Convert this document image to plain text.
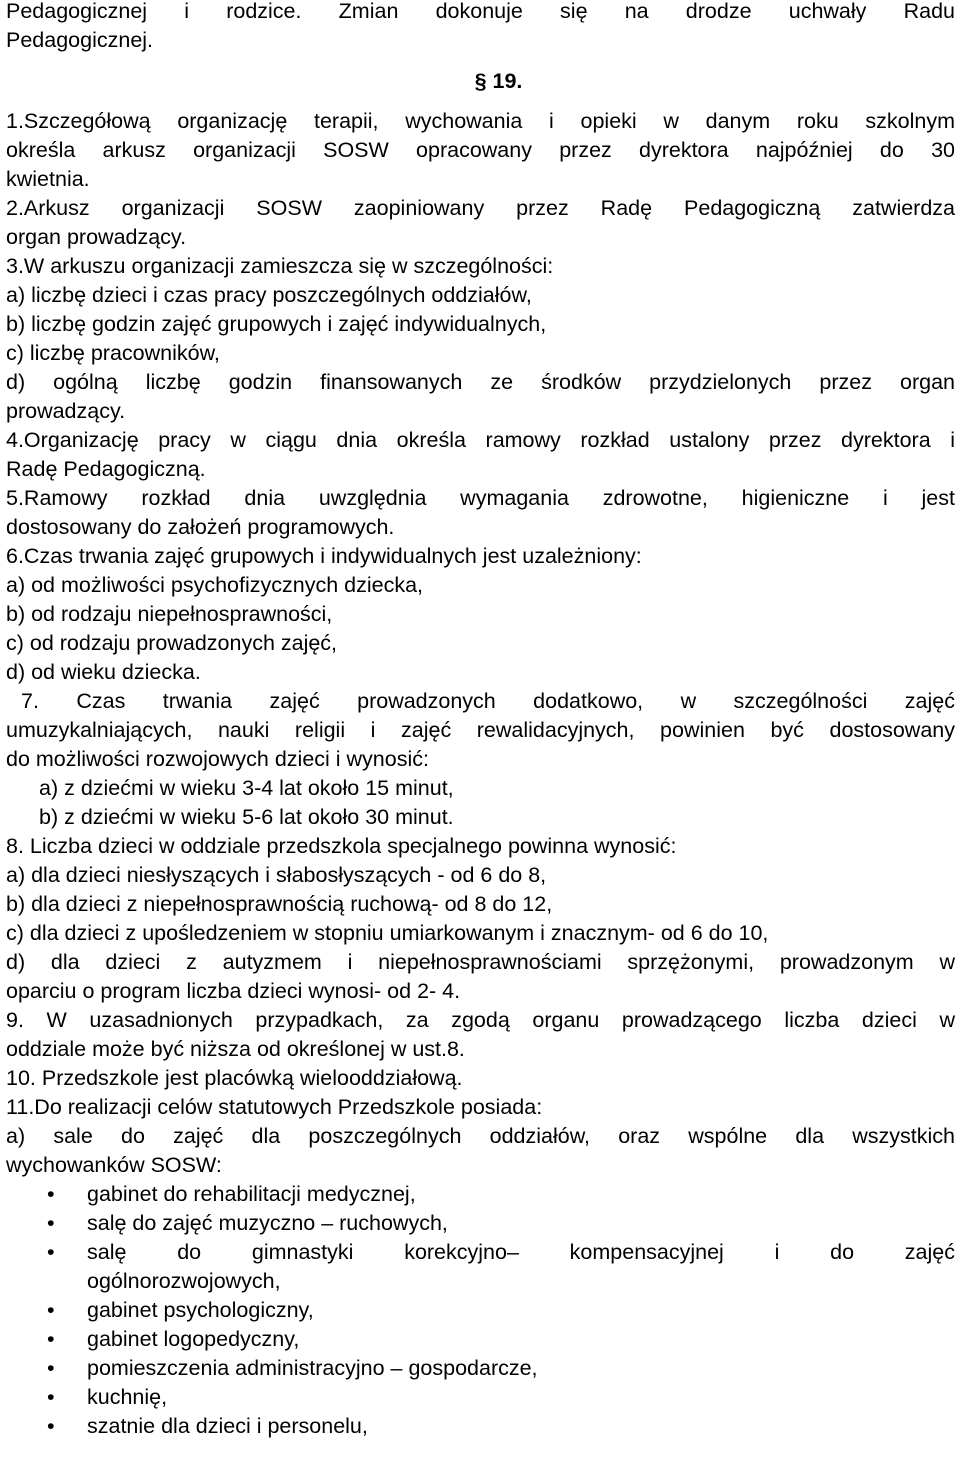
Pedagogicznej i rodzice. Zmian dokonuje się na drodze uchwały Radu
Pedagogicznej.
§ 19.
1.Szczegółową organizację terapii, wychowania i opieki w danym roku szkolnym
określa arkusz organizacji SOSW opracowany przez dyrektora najpóźniej do 30
kwietnia.
2.Arkusz organizacji SOSW zaopiniowany przez Radę Pedagogiczną zatwierdza
organ prowadzący.
3.W arkuszu organizacji zamieszcza się w szczególności:
a) liczbę dzieci i czas pracy poszczególnych oddziałów,
b) liczbę godzin zajęć grupowych i zajęć indywidualnych,
c) liczbę pracowników,
d) ogólną liczbę godzin finansowanych ze środków przydzielonych przez organ
prowadzący.
4.Organizację pracy w ciągu dnia określa ramowy rozkład ustalony przez dyrektora i
Radę Pedagogiczną.
5.Ramowy rozkład dnia uwzględnia wymagania zdrowotne, higieniczne i jest
dostosowany do założeń programowych.
6.Czas trwania zajęć grupowych i indywidualnych jest uzależniony:
a) od możliwości psychofizycznych dziecka,
b) od rodzaju niepełnosprawności,
c) od rodzaju prowadzonych zajęć,
d) od wieku dziecka.
7. Czas trwania zajęć prowadzonych dodatkowo, w szczególności zajęć
umuzykalniających, nauki religii i zajęć rewalidacyjnych, powinien być dostosowany
do możliwości rozwojowych dzieci i wynosić:
a) z dziećmi w wieku 3-4 lat około 15 minut,
b) z dziećmi w wieku 5-6 lat około 30 minut.
8. Liczba dzieci w oddziale przedszkola specjalnego powinna wynosić:
a) dla dzieci niesłyszących i słabosłyszących - od 6 do 8,
b) dla dzieci z niepełnosprawnością ruchową- od 8 do 12,
c) dla dzieci z upośledzeniem w stopniu umiarkowanym i znacznym- od 6 do 10,
d) dla dzieci z autyzmem i niepełnosprawnościami sprzężonymi, prowadzonym w
oparciu o program liczba dzieci wynosi- od 2- 4.
9. W uzasadnionych przypadkach, za zgodą organu prowadzącego liczba dzieci w
oddziale może być niższa od określonej w ust.8.
10. Przedszkole jest placówką wielooddziałową.
11.Do realizacji celów statutowych Przedszkole posiada:
a) sale do zajęć dla poszczególnych oddziałów, oraz wspólne dla wszystkich
wychowanków SOSW:
• gabinet do rehabilitacji medycznej,
• salę do zajęć muzyczno – ruchowych,
• salę do gimnastyki korekcyjno– kompensacyjnej i do zajęć
ogólnorozwojowych,
• gabinet psychologiczny,
• gabinet logopedyczny,
• pomieszczenia administracyjno – gospodarcze,
• kuchnię,
• szatnie dla dzieci i personelu,
